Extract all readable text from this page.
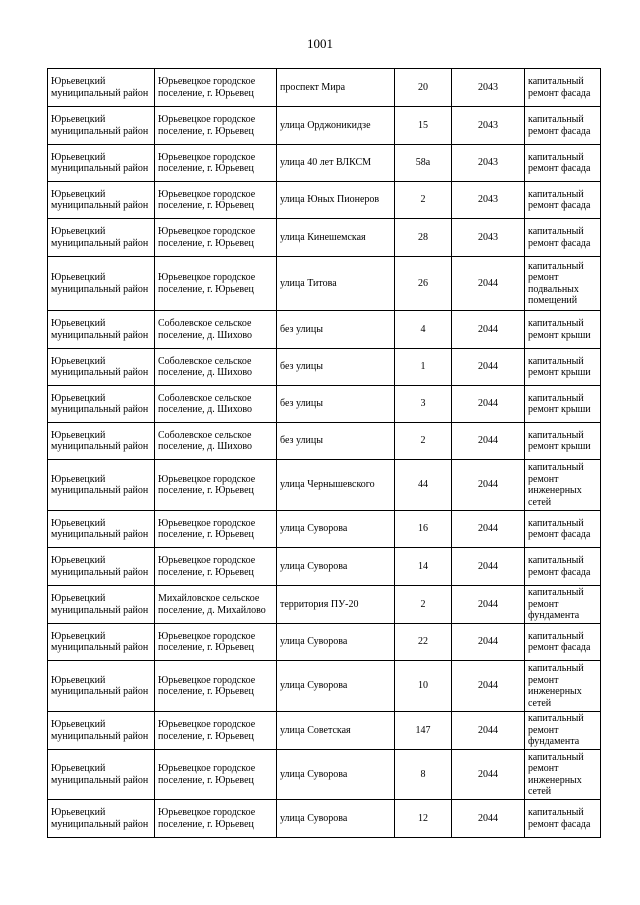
1001
Юрьевецкий муниципальный район	Юрьевецкое городское поселение, г. Юрьевец	проспект Мира	20	2043	капитальный ремонт фасада
Юрьевецкий муниципальный район	Юрьевецкое городское поселение, г. Юрьевец	улица Орджоникидзе	15	2043	капитальный ремонт фасада
Юрьевецкий муниципальный район	Юрьевецкое городское поселение, г. Юрьевец	улица 40 лет ВЛКСМ	58а	2043	капитальный ремонт фасада
Юрьевецкий муниципальный район	Юрьевецкое городское поселение, г. Юрьевец	улица Юных Пионеров	2	2043	капитальный ремонт фасада
Юрьевецкий муниципальный район	Юрьевецкое городское поселение, г. Юрьевец	улица Кинешемская	28	2043	капитальный ремонт фасада
Юрьевецкий муниципальный район	Юрьевецкое городское поселение, г. Юрьевец	улица Титова	26	2044	капитальный ремонт подвальных помещений
Юрьевецкий муниципальный район	Соболевское сельское поселение, д. Шихово	без улицы	4	2044	капитальный ремонт крыши
Юрьевецкий муниципальный район	Соболевское сельское поселение, д. Шихово	без улицы	1	2044	капитальный ремонт крыши
Юрьевецкий муниципальный район	Соболевское сельское поселение, д. Шихово	без улицы	3	2044	капитальный ремонт крыши
Юрьевецкий муниципальный район	Соболевское сельское поселение, д. Шихово	без улицы	2	2044	капитальный ремонт крыши
Юрьевецкий муниципальный район	Юрьевецкое городское поселение, г. Юрьевец	улица Чернышевского	44	2044	капитальный ремонт инженерных сетей
Юрьевецкий муниципальный район	Юрьевецкое городское поселение, г. Юрьевец	улица Суворова	16	2044	капитальный ремонт фасада
Юрьевецкий муниципальный район	Юрьевецкое городское поселение, г. Юрьевец	улица Суворова	14	2044	капитальный ремонт фасада
Юрьевецкий муниципальный район	Михайловское сельское поселение, д. Михайлово	территория ПУ-20	2	2044	капитальный ремонт фундамента
Юрьевецкий муниципальный район	Юрьевецкое городское поселение, г. Юрьевец	улица Суворова	22	2044	капитальный ремонт фасада
Юрьевецкий муниципальный район	Юрьевецкое городское поселение, г. Юрьевец	улица Суворова	10	2044	капитальный ремонт инженерных сетей
Юрьевецкий муниципальный район	Юрьевецкое городское поселение, г. Юрьевец	улица Советская	147	2044	капитальный ремонт фундамента
Юрьевецкий муниципальный район	Юрьевецкое городское поселение, г. Юрьевец	улица Суворова	8	2044	капитальный ремонт инженерных сетей
Юрьевецкий муниципальный район	Юрьевецкое городское поселение, г. Юрьевец	улица Суворова	12	2044	капитальный ремонт фасада
